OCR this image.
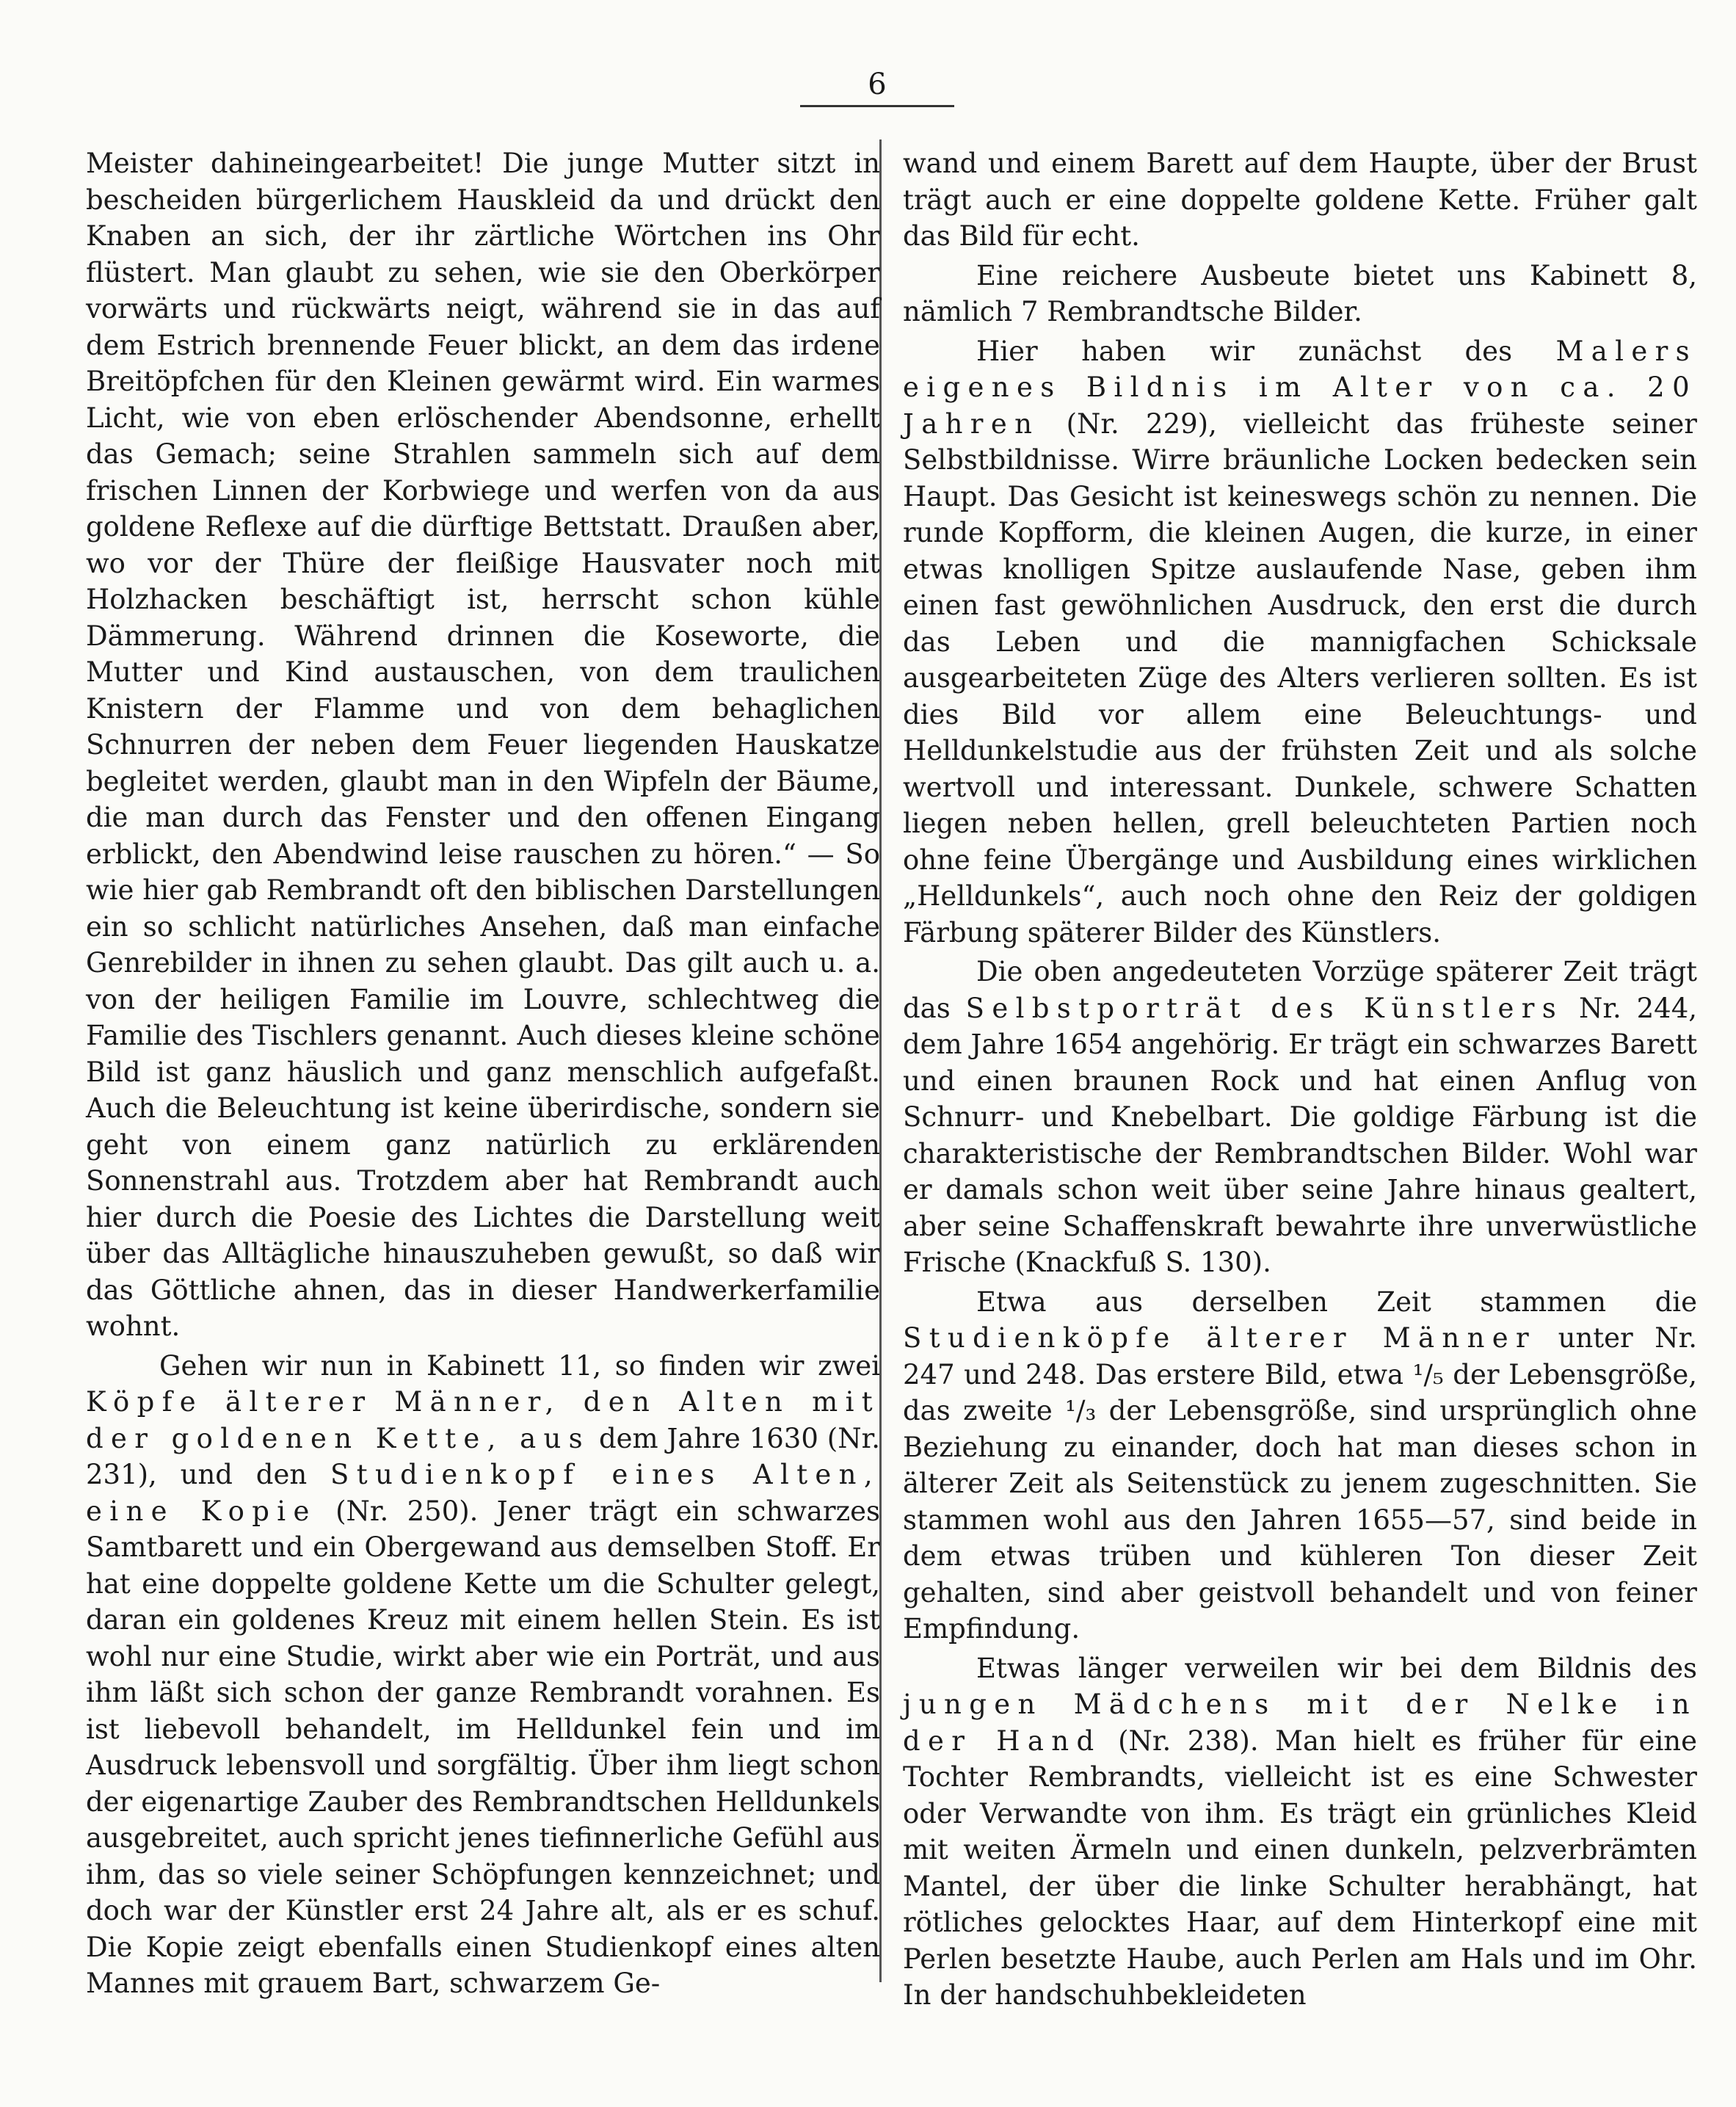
6

Meister dahineingearbeitet! Die junge Mutter sitzt in bescheiden bürgerlichem Hauskleid da und drückt den Knaben an sich, der ihr zärtliche Wörtchen ins Ohr flüstert. Man glaubt zu sehen, wie sie den Oberkörper vorwärts und rückwärts neigt, während sie in das auf dem Estrich brennende Feuer blickt, an dem das irdene Breitöpfchen für den Kleinen gewärmt wird. Ein warmes Licht, wie von eben erlöschender Abendsonne, erhellt das Gemach; seine Strahlen sammeln sich auf dem frischen Linnen der Korbwiege und werfen von da aus goldene Reflexe auf die dürftige Bettstatt. Draußen aber, wo vor der Thüre der fleißige Hausvater noch mit Holzhacken beschäftigt ist, herrscht schon kühle Dämmerung. Während drinnen die Kosewort​e, die Mutter und Kind austauschen, von dem traulichen Knistern der Flamme und von dem behaglichen Schnurren der neben dem Feuer liegenden Hauskatze begleitet werden, glaubt man in den Wipfeln der Bäume, die man durch das Fenster und den offenen Eingang erblickt, den Abendwind leise rauschen zu hören.“ — So wie hier gab Rembrandt oft den biblischen Darstellungen ein so schlicht natürliches Ansehen, daß man einfache Genrebilder in ihnen zu sehen glaubt. Das gilt auch u. a. von der heiligen Familie im Louvre, schlechtweg die Familie des Tischlers genannt. Auch dieses kleine schöne Bild ist ganz häuslich und ganz menschlich aufgefaßt. Auch die Beleuchtung ist keine überirdische, sondern sie geht von einem ganz natürlich zu erklärenden Sonnenstrahl aus. Trotzdem aber hat Rembrandt auch hier durch die Poesie des Lichtes die Darstellung weit über das Alltägliche hinauszuheben gewußt, so daß wir das Göttliche ahnen, das in dieser Handwerkerfamilie wohnt.

Gehen wir nun in Kabinett 11, so finden wir zwei Köpfe älterer Männer, den Alten mit der goldenen Kette, aus dem Jahre 1630 (Nr. 231), und den Studienkopf eines Alten, eine Kopie (Nr. 250). Jener trägt ein schwarzes Samtbarett und ein Obergewand aus demselben Stoff. Er hat eine doppelte goldene Kette um die Schulter gelegt, daran ein goldenes Kreuz mit einem hellen Stein. Es ist wohl nur eine Studie, wirkt aber wie ein Porträt, und aus ihm läßt sich schon der ganze Rembrandt vorahnen. Es ist liebevoll behandelt, im Helldunkel fein und im Ausdruck lebensvoll und sorgfältig. Über ihm liegt schon der eigenartige Zauber des Rembrandtschen Helldunkels ausgebreitet, auch spricht jenes tiefinnerliche Gefühl aus ihm, das so viele seiner Schöpfungen kennzeichnet; und doch war der Künstler erst 24 Jahre alt, als er es schuf. Die Kopie zeigt ebenfalls einen Studienkopf eines alten Mannes mit grauem Bart, schwarzem Ge-

wand und einem Barett auf dem Haupte, über der Brust trägt auch er eine doppelte goldene Kette. Früher galt das Bild für echt.

Eine reichere Ausbeute bietet uns Kabinett 8, nämlich 7 Rembrandtsche Bilder.

Hier haben wir zunächst des Malers eigenes Bildnis im Alter von ca. 20 Jahren (Nr. 229), vielleicht das früheste seiner Selbstbildnisse. Wirre bräunliche Locken bedecken sein Haupt. Das Gesicht ist keineswegs schön zu nennen. Die runde Kopfform, die kleinen Augen, die kurze, in einer etwas knolligen Spitze auslaufende Nase, geben ihm einen fast gewöhnlichen Ausdruck, den erst die durch das Leben und die mannigfachen Schicksale ausgearbeiteten Züge des Alters verlieren sollten. Es ist dies Bild vor allem eine Beleuchtungs- und Helldunkelstudie aus der frühsten Zeit und als solche wertvoll und interessant. Dunkele, schwere Schatten liegen neben hellen, grell beleuchteten Partien noch ohne feine Übergänge und Ausbildung eines wirklichen „Helldunkels“, auch noch ohne den Reiz der goldigen Färbung späterer Bilder des Künstlers.

Die oben angedeuteten Vorzüge späterer Zeit trägt das Selbstporträt des Künstlers Nr. 244, dem Jahre 1654 angehörig. Er trägt ein schwarzes Barett und einen braunen Rock und hat einen Anflug von Schnurr- und Knebelbart. Die goldige Färbung ist die charakteristische der Rembrandtschen Bilder. Wohl war er damals schon weit über seine Jahre hinaus gealtert, aber seine Schaffenskraft bewahrte ihre unverwüstliche Frische (Knackfuß S. 130).

Etwa aus derselben Zeit stammen die Studienköpfe älterer Männer unter Nr. 247 und 248. Das erstere Bild, etwa ¹/₅ der Lebensgröße, das zweite ¹/₃ der Lebensgröße, sind ursprünglich ohne Beziehung zu einander, doch hat man dieses schon in älterer Zeit als Seitenstück zu jenem zugeschnitten. Sie stammen wohl aus den Jahren 1655—57, sind beide in dem etwas trüben und kühleren Ton dieser Zeit gehalten, sind aber geistvoll behandelt und von feiner Empfindung.

Etwas länger verweilen wir bei dem Bildnis des jungen Mädchens mit der Nelke in der Hand (Nr. 238). Man hielt es früher für eine Tochter Rembrandts, vielleicht ist es eine Schwester oder Verwandte von ihm. Es trägt ein grünliches Kleid mit weiten Ärmeln und einen dunkeln, pelzverbrämten Mantel, der über die linke Schulter herabhängt, hat rötliches gelocktes Haar, auf dem Hinterkopf eine mit Perlen besetzte Haube, auch Perlen am Hals und im Ohr. In der handschuhbekleideten
